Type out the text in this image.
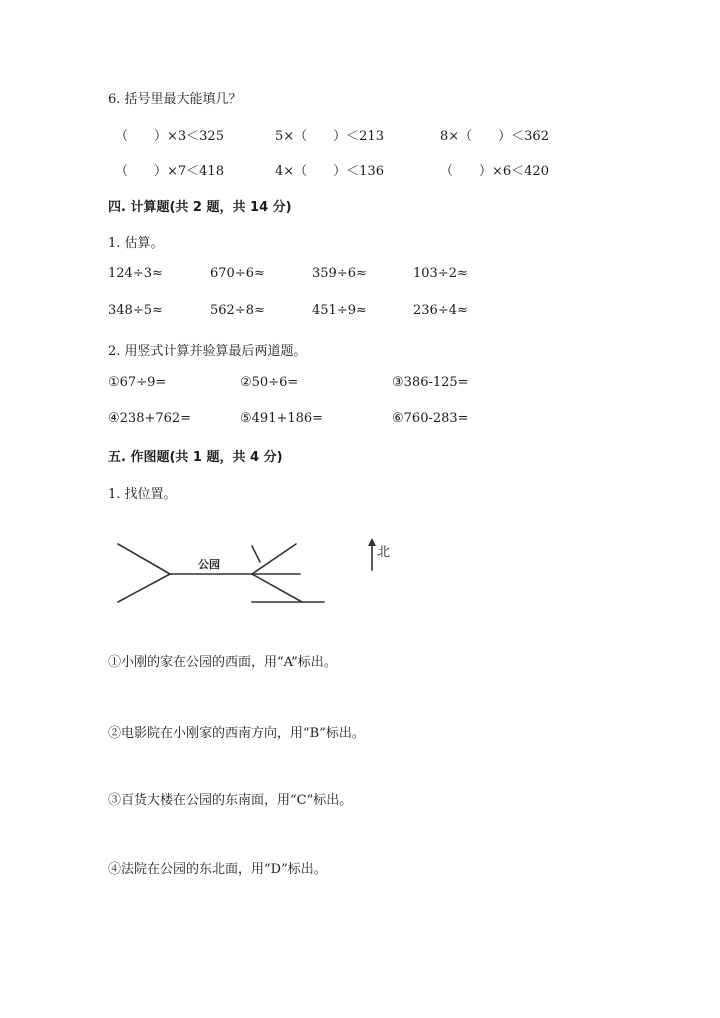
6. 括号里最大能填几？
（　　）×3＜325	5×（　　）＜213	8×（　　）＜362
（　　）×7＜418	4×（　　）＜136	（　　）×6＜420
四. 计算题(共 2 题，共 14 分)
1. 估算。
124÷3≈	670÷6≈	359÷6≈	103÷2≈
348÷5≈	562÷8≈	451÷9≈	236÷4≈
2. 用竖式计算并验算最后两道题。
①67÷9=	②50÷6=	③386-125=
④238+762=	⑤491+186=	⑥760-283=
五. 作图题(共 1 题，共 4 分)
1. 找位置。
公园
北
①小刚的家在公园的西面，用“A”标出。
②电影院在小刚家的西南方向，用“B”标出。
③百货大楼在公园的东南面，用“C”标出。
④法院在公园的东北面，用“D”标出。
